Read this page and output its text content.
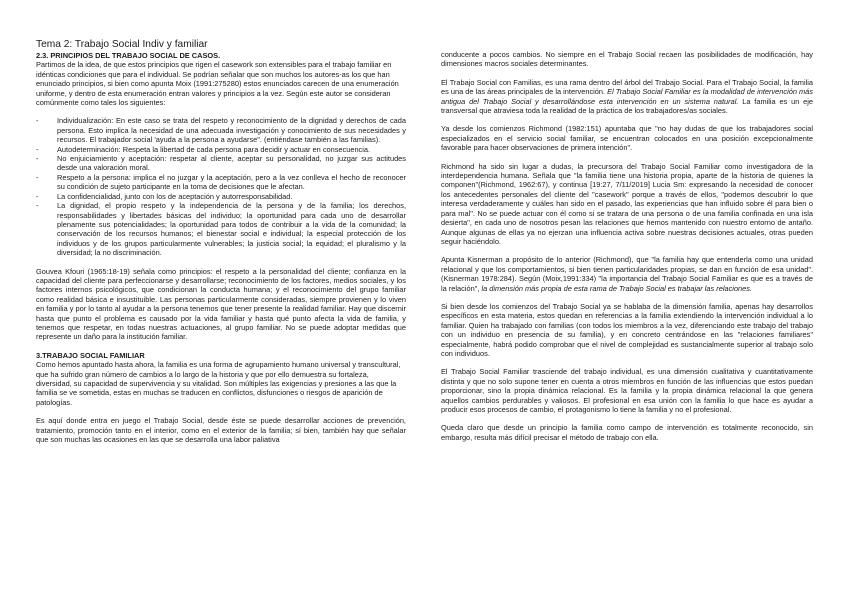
Tema 2: Trabajo Social Indiv y familiar
2.3. PRINCIPIOS DEL TRABAJO SOCIAL DE CASOS.

Partimos de la idea, de que estos principios que rigen el casework son extensibles para el trabajo familiar en idénticas condiciones que para el individual. Se podrían señalar que son muchos los autores-as los que han enunciado principios, si bien como apunta Moix (1991:275280) estos enunciados carecen de una enumeración uniforme, y dentro de esta enumeración entran valores y principios a la vez. Según este autor se consideran comúnmente como tales los siguientes:

- Individualización: En este caso se trata del respeto y reconocimiento de la dignidad y derechos de cada persona. Esto implica la necesidad de una adecuada investigación y conocimiento de sus necesidades y recursos. El trabajador social 'ayuda a la persona a ayudarse". (entiéndase también a las familias).
- Autodeterminación: Respeta la libertad de cada persona para decidir y actuar en consecuencia.
- No enjuiciamiento y aceptación: respetar al cliente, aceptar su personalidad, no juzgar sus actitudes desde una valoración moral.
- Respeto a la persona: implica el no juzgar y la aceptación, pero a la vez conlleva el hecho de reconocer su condición de sujeto participante en la toma de decisiones que le afectan.
- La confidencialidad, junto con los de aceptación y autorresponsabilidad.
- La dignidad, el propio respeto y la independencia de la persona y de la familia; los derechos, responsabilidades y libertades básicas del individuo; la oportunidad para cada uno de desarrollar plenamente sus potencialidades; la oportunidad para todos de contribuir a la vida de la comunidad; la conservación de los recursos humanos; el bienestar social e individual; la especial protección de los individuos y de los grupos particularmente vulnerables; la justicia social; la equidad; el pluralismo y la diversidad; la no discriminación.

Gouvea Kfouri (1965:18-19) señala como principios: el respeto a la personalidad del cliente; confianza en la capacidad del cliente para perfeccionarse y desarrollarse; reconocimiento de los factores, medios sociales, y los factores internos psicológicos, que condicionan la conducta humana; y el reconocimiento del grupo familiar como realidad básica e insustituible. Las personas particularmente consideradas, siempre provienen y lo viven en familia y por lo tanto al ayudar a la persona tenemos que tener presente la realidad familiar. Hay que discernir hasta que punto el problema es causado por la vida familiar y hasta qué punto afecta la vida de familia, y tenemos que respetar, en todas nuestras actuaciones, al grupo familiar. No se puede adoptar medidas que represente un daño para la institución familiar.

3.TRABAJO SOCIAL FAMILIAR

Como hemos apuntado hasta ahora, la familia es una forma de agrupamiento humano universal y transcultural, que ha sufrido gran número de cambios a lo largo de la historia y que por ello demuestra su fortaleza, diversidad, su capacidad de supervivencia y su vitalidad. Son múltiples las exigencias y presiones a las que la familia se ve sometida, estas en muchas se traducen en conflictos, disfunciones o riesgos de aparición de patologías.

Es aquí donde entra en juego el Trabajo Social, desde éste se puede desarrollar acciones de prevención, tratamiento, promoción tanto en el interior, como en el exterior de la familia; sí bien, también hay que señalar que son muchas las ocasiones en las que se desarrolla una labor paliativa

conducente a pocos cambios. No siempre en el Trabajo Social recaen las posibilidades de modificación, hay dimensiones macros sociales determinantes.

El Trabajo Social con Familias, es una rama dentro del árbol del Trabajo Social. Para el Trabajo Social, la familia es una de las áreas principales de la intervención. El Trabajo Social Familiar es la modalidad de intervención más antigua del Trabajo Social y desarrollándose esta intervención en un sistema natural. La familia es un eje transversal que atraviesa toda la realidad de la práctica de los trabajadores/as sociales.

Ya desde los comienzos Richmond (1982:151) apuntaba que "no hay dudas de que los trabajadores social especializados en el servicio social familiar, se encuentran colocados en una posición excepcionalmente favorable para hacer observaciones de primera intención".

Richmond ha sido sin lugar a dudas, la precursora del Trabajo Social Familiar como investigadora de la interdependencia humana. Señala que "la familia tiene una historia propia, aparte de la historia de quienes la componen"(Richmond, 1962:67), y continua [19:27, 7/11/2019] Lucia Sm: expresando la necesidad de conocer los antecedentes personales del cliente del "casework" porque a través de ellos, "podemos descubrir lo que interesa verdaderamente y cuáles han sido en el pasado, las experiencias que han influido sobre él para bien o para mal". No se puede actuar con él como si se tratara de una persona o de una familia confinada en una isla desierta", en cada uno de nosotros pesan las relaciones que hemos mantenido con nuestro entorno de antaño. Aunque algunas de ellas ya no ejerzan una influencia activa sobre nuestras decisiones actuales, otras pueden seguir haciéndolo.

Apunta Kisnerman a propósito de lo anterior (Richmond), que "la familia hay que entenderla como una unidad relacional y que los comportamientos, si bien tienen particularidades propias, se dan en función de esa unidad". (Kisnerman 1978:284). Según (Moix,1991:334) "la importancia del Trabajo Social Familiar es que es a través de la relación", la dimensión más propia de esta rama de Trabajo Social es trabajar las relaciones.

Si bien desde los comienzos del Trabajo Social ya se hablaba de la dimensión familia, apenas hay desarrollos específicos en esta materia, estos quedan en referencias a la familia extendiendo la intervención individual a lo familiar. Quien ha trabajado con familias (con todos los miembros a la vez, diferenciando este trabajo del trabajo con un individuo en presencia de su familia), y en concreto centrándose en las "relaciones familiares" especialmente, habrá podido comprobar que el nivel de complejidad es sustancialmente superior al trabajo solo con individuos.

El Trabajo Social Familiar trasciende del trabajo individual, es una dimensión cualitativa y cuantitativamente distinta y que no solo supone tener en cuenta a otros miembros en función de las influencias que estos puedan proporcionar, sino la propia dinámica relacional. Es la familia y la propia dinámica relacional la que genera aquellos cambios perdurables y valiosos. El profesional en esa unión con la familia lo que hace es ayudar a producir esos procesos de cambio, el protagonismo lo tiene la familia y no el profesional.

Queda claro que desde un principio la familia como campo de intervención es totalmente reconocido, sin embargo, resulta más difícil precisar el método de trabajo con ella.
